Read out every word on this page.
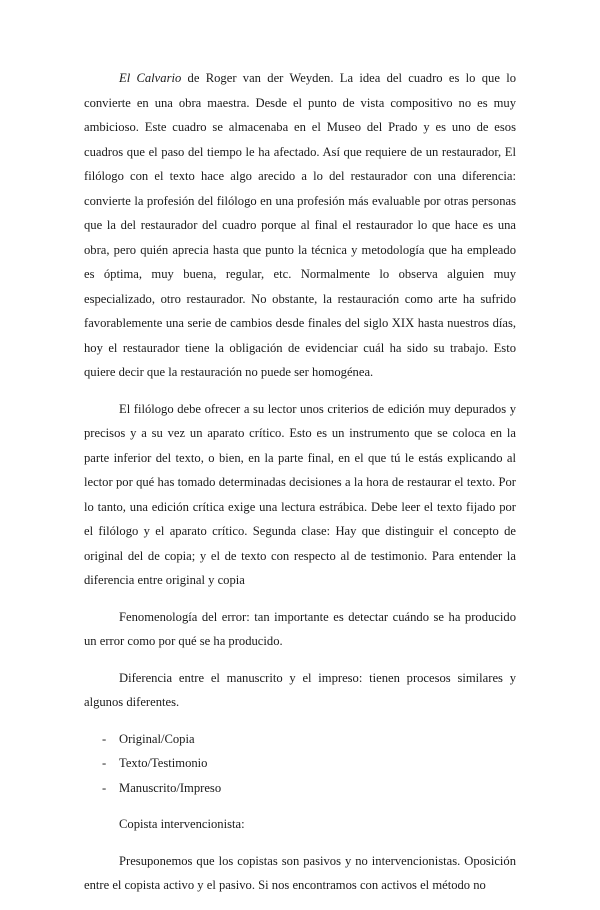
El Calvario de Roger van der Weyden. La idea del cuadro es lo que lo convierte en una obra maestra. Desde el punto de vista compositivo no es muy ambicioso. Este cuadro se almacenaba en el Museo del Prado y es uno de esos cuadros que el paso del tiempo le ha afectado. Así que requiere de un restaurador, El filólogo con el texto hace algo arecido a lo del restaurador con una diferencia: convierte la profesión del filólogo en una profesión más evaluable por otras personas que la del restaurador del cuadro porque al final el restaurador lo que hace es una obra, pero quién aprecia hasta que punto la técnica y metodología que ha empleado es óptima, muy buena, regular, etc. Normalmente lo observa alguien muy especializado, otro restaurador. No obstante, la restauración como arte ha sufrido favorablemente una serie de cambios desde finales del siglo XIX hasta nuestros días, hoy el restaurador tiene la obligación de evidenciar cuál ha sido su trabajo. Esto quiere decir que la restauración no puede ser homogénea.

El filólogo debe ofrecer a su lector unos criterios de edición muy depurados y precisos y a su vez un aparato crítico. Esto es un instrumento que se coloca en la parte inferior del texto, o bien, en la parte final, en el que tú le estás explicando al lector por qué has tomado determinadas decisiones a la hora de restaurar el texto. Por lo tanto, una edición crítica exige una lectura estrábica. Debe leer el texto fijado por el filólogo y el aparato crítico. Segunda clase: Hay que distinguir el concepto de original del de copia; y el de texto con respecto al de testimonio. Para entender la diferencia entre original y copia

Fenomenología del error: tan importante es detectar cuándo se ha producido un error como por qué se ha producido.

Diferencia entre el manuscrito y el impreso: tienen procesos similares y algunos diferentes.

- Original/Copia
- Texto/Testimonio
- Manuscrito/Impreso

Copista intervencionista:

Presuponemos que los copistas son pasivos y no intervencionistas. Oposición entre el copista activo y el pasivo. Si nos encontramos con activos el método no
